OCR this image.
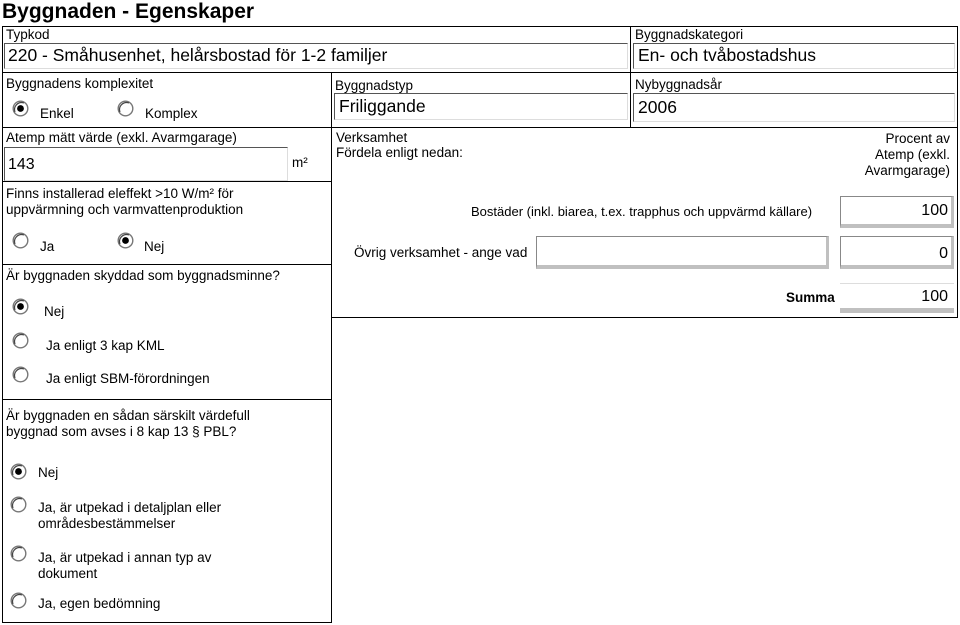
Byggnaden - Egenskaper
Typkod
220 - Småhusenhet, helårsbostad för 1-2 familjer
Byggnadskategori
En- och tvåbostadshus
Byggnadens komplexitet
Enkel	Komplex
Byggnadstyp
Friliggande
Nybyggnadsår
2006
Atemp mätt värde (exkl. Avarmgarage)
143	m²
Finns installerad eleffekt >10 W/m² för
uppvärmning och varmvattenproduktion
Ja	Nej
Är byggnaden skyddad som byggnadsminne?
Nej
Ja enligt 3 kap KML
Ja enligt SBM-förordningen
Är byggnaden en sådan särskilt värdefull
byggnad som avses i 8 kap 13 § PBL?
Nej
Ja, är utpekad i detaljplan eller
områdesbestämmelser
Ja, är utpekad i annan typ av
dokument
Ja, egen bedömning
Verksamhet
Fördela enligt nedan:
Procent av
Atemp (exkl.
Avarmgarage)
Bostäder (inkl. biarea, t.ex. trapphus och uppvärmd källare)	100
Övrig verksamhet - ange vad	0
Summa	100
